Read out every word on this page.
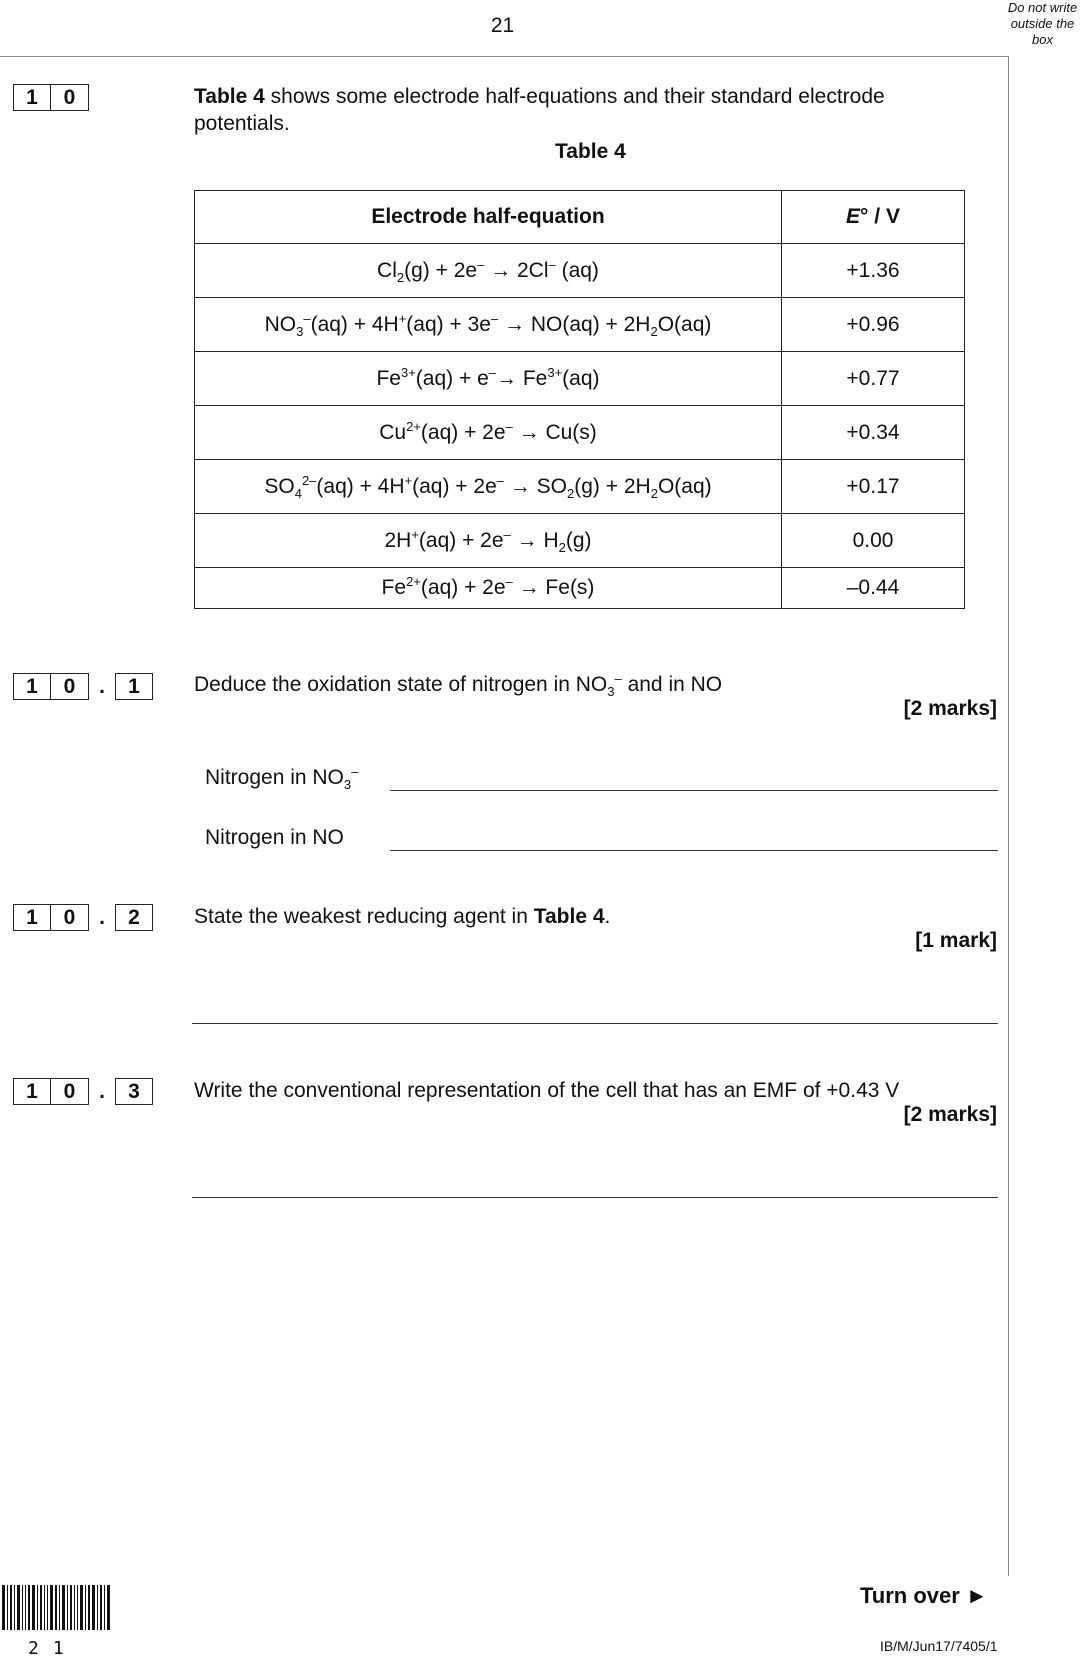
21
Do not write
outside the
box
1	0	Table 4 shows some electrode half-equations and their standard electrode
potentials.
Table 4
Electrode half-equation	E° / V
$Cl_2(g) + 2e^- \to 2Cl^-$ (aq)	+1.36
$NO_3^-(aq) + 4H^+(aq) + 3e^- \to NO(aq) + 2H_2O(aq)$	+0.96
$Fe^{3+}(aq) + e^-\to Fe^{3+}(aq)$	+0.77
$Cu^{2+}(aq) + 2e^- \to Cu(s)$	+0.34
$SO_4^{2-}(aq) + 4H^+(aq) + 2e^- \to SO_2(g) + 2H_2O(aq)$	+0.17
$2H^+(aq) + 2e^- \to H_2(g)$	0.00
$Fe^{2+}(aq) + 2e^- \to Fe(s)$	–0.44
1	0	.	1	Deduce the oxidation state of nitrogen in $NO_3^-$ and in NO
[2 marks]
Nitrogen in $NO_3^-$
Nitrogen in NO
1	0	.	2	State the weakest reducing agent in Table 4.
[1 mark]
1	0	.	3	Write the conventional representation of the cell that has an EMF of +0.43 V
[2 marks]
21
Turn over ►
IB/M/Jun17/7405/1
